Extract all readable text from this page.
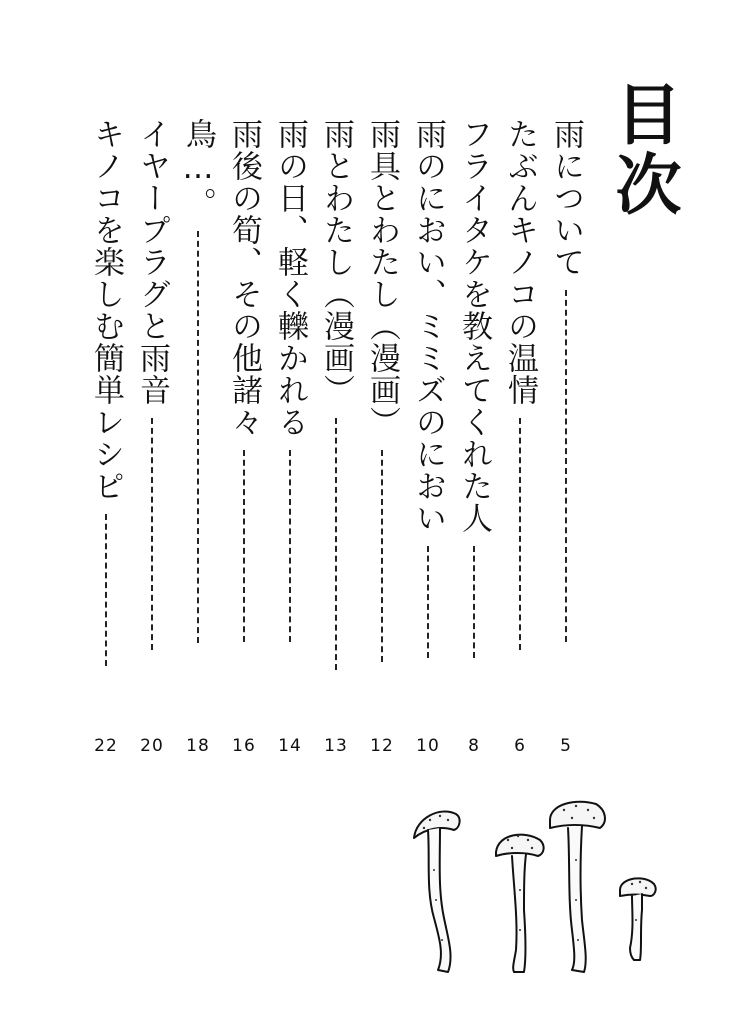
目次
雨について
5
たぶんキノコの温情
6
フライタケを教えてくれた人
8
雨のにおい、ミミズのにおい
10
雨具とわたし（漫画）
12
雨とわたし（漫画）
13
雨の日、軽く轢かれる
14
雨後の筍、その他諸々
16
鳥…。
18
イヤープラグと雨音
20
キノコを楽しむ簡単レシピ
22
